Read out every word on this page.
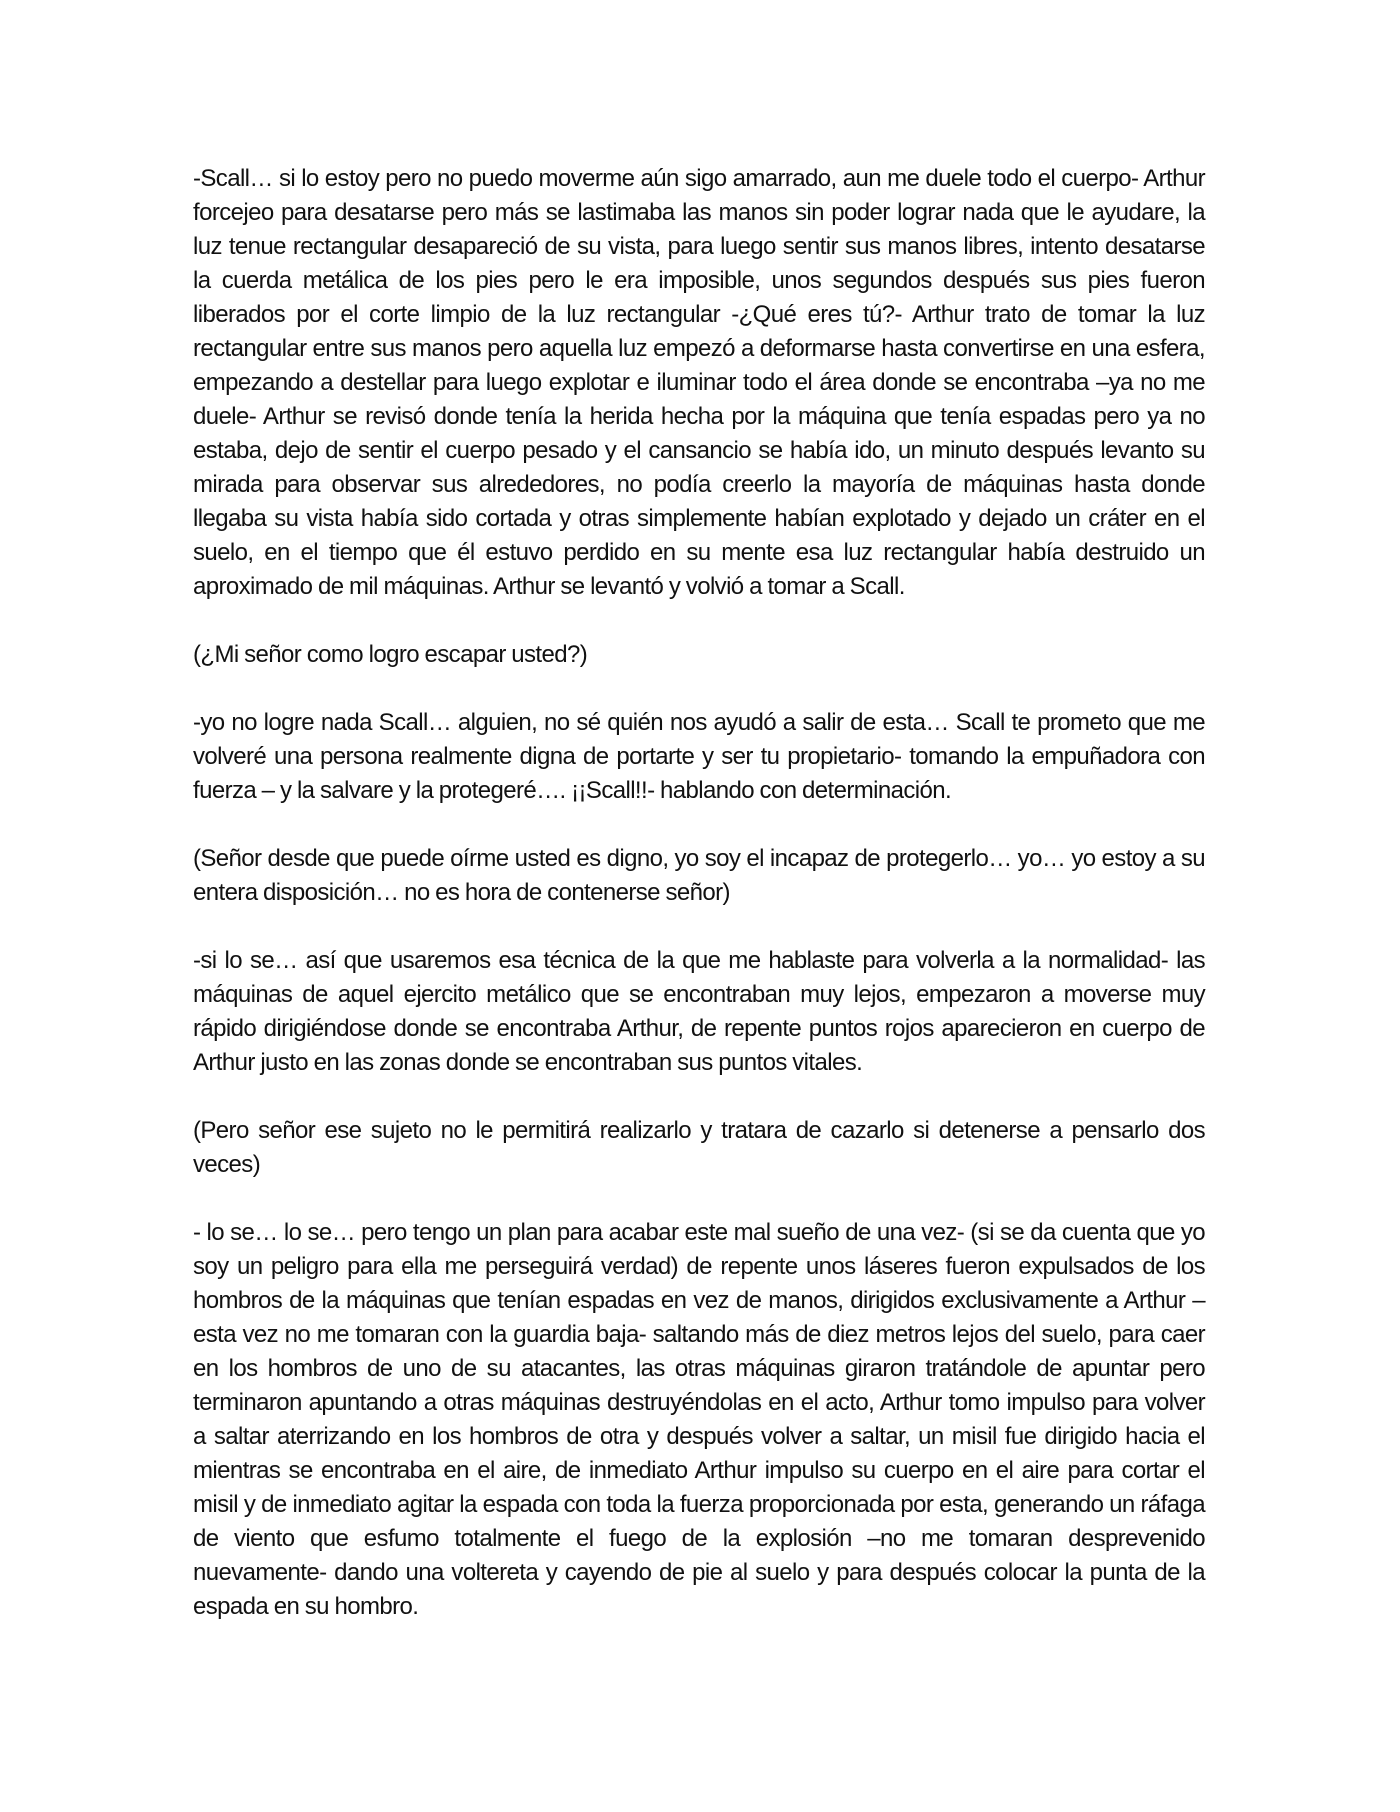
-Scall… si lo estoy pero no puedo moverme aún sigo amarrado, aun me duele todo el cuerpo- Arthur forcejeo para desatarse pero más se lastimaba las manos sin poder lograr nada que le ayudare, la luz tenue rectangular desapareció de su vista, para luego sentir sus manos libres, intento desatarse la cuerda metálica de los pies pero le era imposible, unos segundos después sus pies fueron liberados por el corte limpio de la luz rectangular -¿Qué eres tú?- Arthur trato de tomar la luz rectangular entre sus manos pero aquella luz empezó a deformarse hasta convertirse en una esfera, empezando a destellar para luego explotar e iluminar todo el área donde se encontraba –ya no me duele- Arthur se revisó donde tenía la herida hecha por la máquina que tenía espadas pero ya no estaba, dejo de sentir el cuerpo pesado y el cansancio se había ido, un minuto después levanto su mirada para observar sus alrededores, no podía creerlo la mayoría de máquinas hasta donde llegaba su vista había sido cortada y otras simplemente habían explotado y dejado un cráter en el suelo, en el tiempo que él estuvo perdido en su mente esa luz rectangular había destruido un aproximado de mil máquinas. Arthur se levantó y volvió a tomar a Scall.

(¿Mi señor como logro escapar usted?)

-yo no logre nada Scall… alguien, no sé quién nos ayudó a salir de esta… Scall te prometo que me volveré una persona realmente digna de portarte y ser tu propietario- tomando la empuñadora con fuerza – y la salvare y la protegeré…. ¡¡Scall!!- hablando con determinación.

(Señor desde que puede oírme usted es digno, yo soy el incapaz de protegerlo… yo… yo estoy a su entera disposición… no es hora de contenerse señor)

-si lo se… así que usaremos esa técnica de la que me hablaste para volverla a la normalidad- las máquinas de aquel ejercito metálico que se encontraban muy lejos, empezaron a moverse muy rápido dirigiéndose donde se encontraba Arthur, de repente puntos rojos aparecieron en cuerpo de Arthur justo en las zonas donde se encontraban sus puntos vitales.

(Pero señor ese sujeto no le permitirá realizarlo y tratara de cazarlo si detenerse a pensarlo dos veces)

- lo se… lo se… pero tengo un plan para acabar este mal sueño de una vez- (si se da cuenta que yo soy un peligro para ella me perseguirá verdad) de repente unos láseres fueron expulsados de los hombros de la máquinas que tenían espadas en vez de manos, dirigidos exclusivamente a Arthur –esta vez no me tomaran con la guardia baja- saltando más de diez metros lejos del suelo, para caer en los hombros de uno de su atacantes, las otras máquinas giraron tratándole de apuntar pero terminaron apuntando a otras máquinas destruyéndolas en el acto, Arthur tomo impulso para volver a saltar aterrizando en los hombros de otra y después volver a saltar, un misil fue dirigido hacia el mientras se encontraba en el aire, de inmediato Arthur impulso su cuerpo en el aire para cortar el misil y de inmediato agitar la espada con toda la fuerza proporcionada por esta, generando un ráfaga de viento que esfumo totalmente el fuego de la explosión –no me tomaran desprevenido nuevamente- dando una voltereta y cayendo de pie al suelo y para después colocar la punta de la espada en su hombro.
